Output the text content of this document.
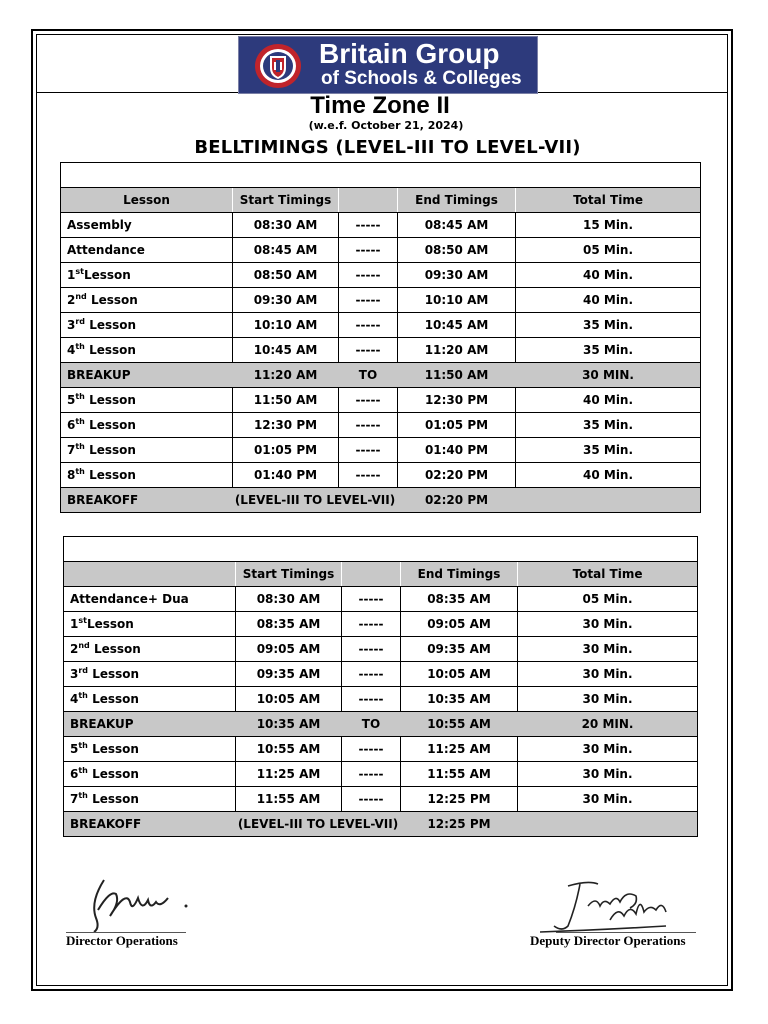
Britain Group
of Schools & Colleges
Time Zone II
(w.e.f. October 21, 2024)
BELLTIMINGS (LEVEL-III TO LEVEL-VII)

Lesson	Start Timings		End Timings	Total Time
Assembly	08:30 AM	-----	08:45 AM	15 Min.
Attendance	08:45 AM	-----	08:50 AM	05 Min.
1stLesson	08:50 AM	-----	09:30 AM	40 Min.
2nd Lesson	09:30 AM	-----	10:10 AM	40 Min.
3rd Lesson	10:10 AM	-----	10:45 AM	35 Min.
4th Lesson	10:45 AM	-----	11:20 AM	35 Min.
BREAKUP	11:20 AM	TO	11:50 AM	30 MIN.
5th Lesson	11:50 AM	-----	12:30 PM	40 Min.
6th Lesson	12:30 PM	-----	01:05 PM	35 Min.
7th Lesson	01:05 PM	-----	01:40 PM	35 Min.
8th Lesson	01:40 PM	-----	02:20 PM	40 Min.
BREAKOFF	(LEVEL-III TO LEVEL-VII)		02:20 PM	

	Start Timings		End Timings	Total Time
Attendance+ Dua	08:30 AM	-----	08:35 AM	05 Min.
1stLesson	08:35 AM	-----	09:05 AM	30 Min.
2nd Lesson	09:05 AM	-----	09:35 AM	30 Min.
3rd Lesson	09:35 AM	-----	10:05 AM	30 Min.
4th Lesson	10:05 AM	-----	10:35 AM	30 Min.
BREAKUP	10:35 AM	TO	10:55 AM	20 MIN.
5th Lesson	10:55 AM	-----	11:25 AM	30 Min.
6th Lesson	11:25 AM	-----	11:55 AM	30 Min.
7th Lesson	11:55 AM	-----	12:25 PM	30 Min.
BREAKOFF	(LEVEL-III TO LEVEL-VII)		12:25 PM	
Director Operations	Deputy Director Operations
